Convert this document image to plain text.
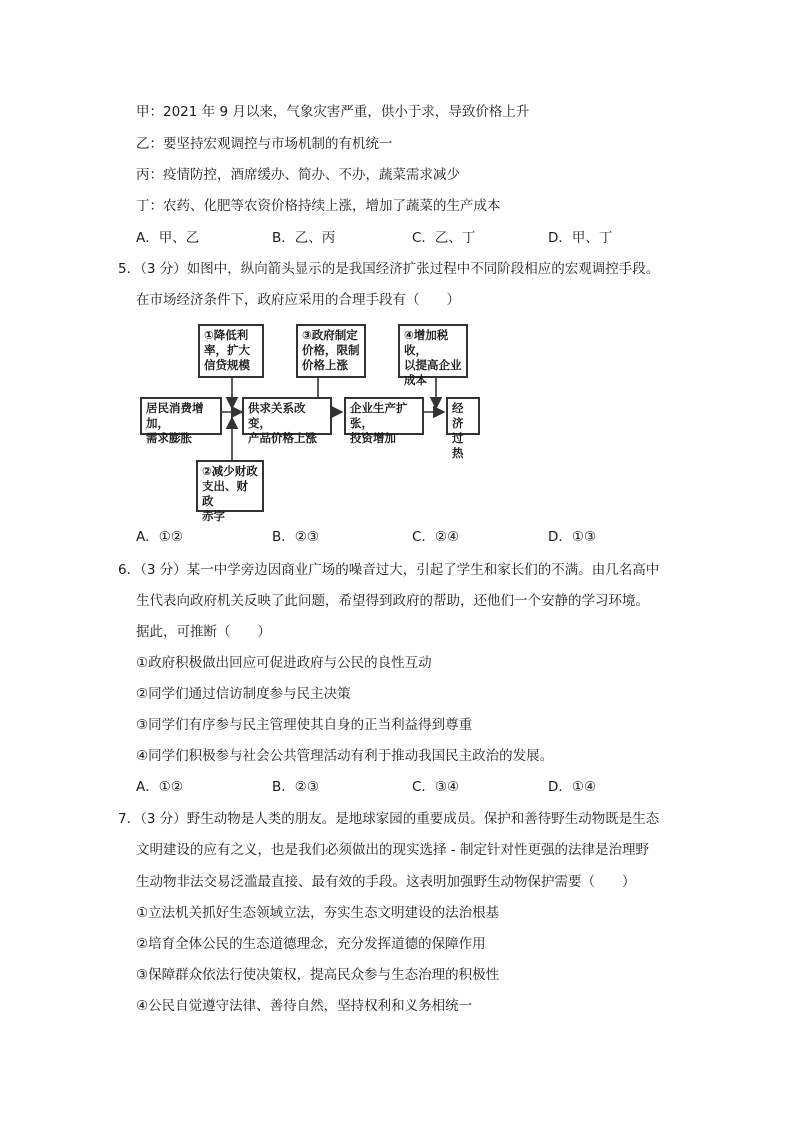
甲：2021 年 9 月以来，气象灾害严重，供小于求，导致价格上升
乙：要坚持宏观调控与市场机制的有机统一
丙：疫情防控，酒席缓办、简办、不办，蔬菜需求减少
丁：农药、化肥等农资价格持续上涨，增加了蔬菜的生产成本
A．甲、乙	B．乙、丙	C．乙、丁	D．甲、丁
5．（3 分）如图中，纵向箭头显示的是我国经济扩张过程中不同阶段相应的宏观调控手段。
在市场经济条件下，政府应采用的合理手段有（　　）
①降低利
率，扩大
信贷规模
③政府制定
价格，限制
价格上涨
④增加税收，
以提高企业
成本
居民消费增加，
需求膨胀
供求关系改变，
产品价格上涨
企业生产扩张，
投资增加
经济
过热
②减少财政
支出、财政
赤字
A．①②	B．②③	C．②④	D．①③
6．（3 分）某一中学旁边因商业广场的噪音过大，引起了学生和家长们的不满。由几名高中
生代表向政府机关反映了此问题，希望得到政府的帮助，还他们一个安静的学习环境。
据此，可推断（　　）
①政府积极做出回应可促进政府与公民的良性互动
②同学们通过信访制度参与民主决策
③同学们有序参与民主管理使其自身的正当利益得到尊重
④同学们积极参与社会公共管理活动有利于推动我国民主政治的发展。
A．①②	B．②③	C．③④	D．①④
7．（3 分）野生动物是人类的朋友。是地球家园的重要成员。保护和善待野生动物既是生态
文明建设的应有之义，也是我们必须做出的现实选择 - 制定针对性更强的法律是治理野
生动物非法交易泛滥最直接、最有效的手段。这表明加强野生动物保护需要（　　）
①立法机关抓好生态领域立法，夯实生态文明建设的法治根基
②培育全体公民的生态道德理念，充分发挥道德的保障作用
③保障群众依法行使决策权，提高民众参与生态治理的积极性
④公民自觉遵守法律、善待自然，坚持权利和义务相统一
